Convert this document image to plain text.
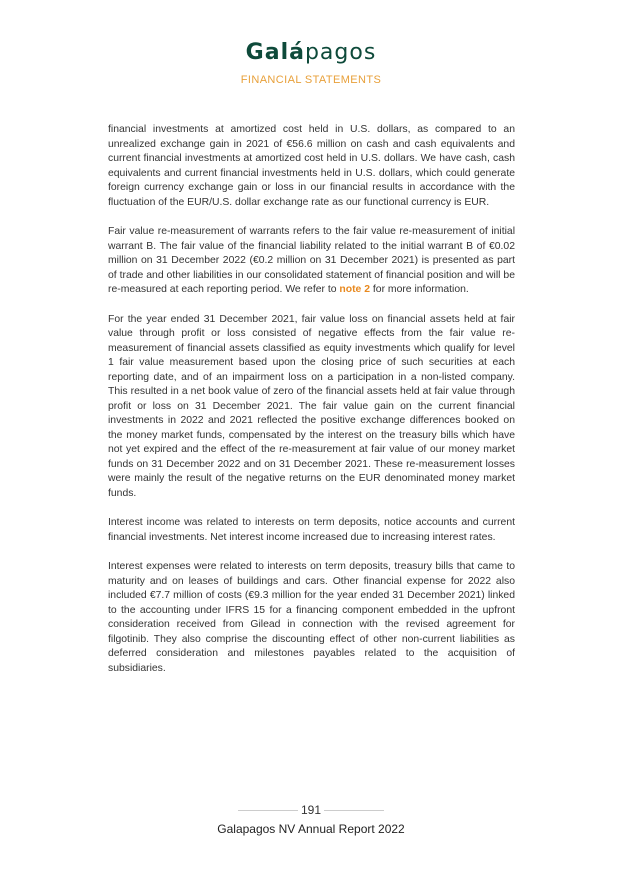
Galápagos
FINANCIAL STATEMENTS

financial investments at amortized cost held in U.S. dollars, as compared to an unrealized exchange gain in 2021 of €56.6 million on cash and cash equivalents and current financial investments at amortized cost held in U.S. dollars. We have cash, cash equivalents and current financial investments held in U.S. dollars, which could generate foreign currency exchange gain or loss in our financial results in accordance with the fluctuation of the EUR/U.S. dollar exchange rate as our functional currency is EUR.

Fair value re-measurement of warrants refers to the fair value re-measurement of initial warrant B. The fair value of the financial liability related to the initial warrant B of €0.02 million on 31 December 2022 (€0.2 million on 31 December 2021) is presented as part of trade and other liabilities in our consolidated statement of financial position and will be re-measured at each reporting period. We refer to note 2 for more information.

For the year ended 31 December 2021, fair value loss on financial assets held at fair value through profit or loss consisted of negative effects from the fair value re-measurement of financial assets classified as equity investments which qualify for level 1 fair value measurement based upon the closing price of such securities at each reporting date, and of an impairment loss on a participation in a non-listed company. This resulted in a net book value of zero of the financial assets held at fair value through profit or loss on 31 December 2021. The fair value gain on the current financial investments in 2022 and 2021 reflected the positive exchange differences booked on the money market funds, compensated by the interest on the treasury bills which have not yet expired and the effect of the re-measurement at fair value of our money market funds on 31 December 2022 and on 31 December 2021. These re-measurement losses were mainly the result of the negative returns on the EUR denominated money market funds.

Interest income was related to interests on term deposits, notice accounts and current financial investments. Net interest income increased due to increasing interest rates.

Interest expenses were related to interests on term deposits, treasury bills that came to maturity and on leases of buildings and cars. Other financial expense for 2022 also included €7.7 million of costs (€9.3 million for the year ended 31 December 2021) linked to the accounting under IFRS 15 for a financing component embedded in the upfront consideration received from Gilead in connection with the revised agreement for filgotinib. They also comprise the discounting effect of other non-current liabilities as deferred consideration and milestones payables related to the acquisition of subsidiaries.

191
Galapagos NV Annual Report 2022
